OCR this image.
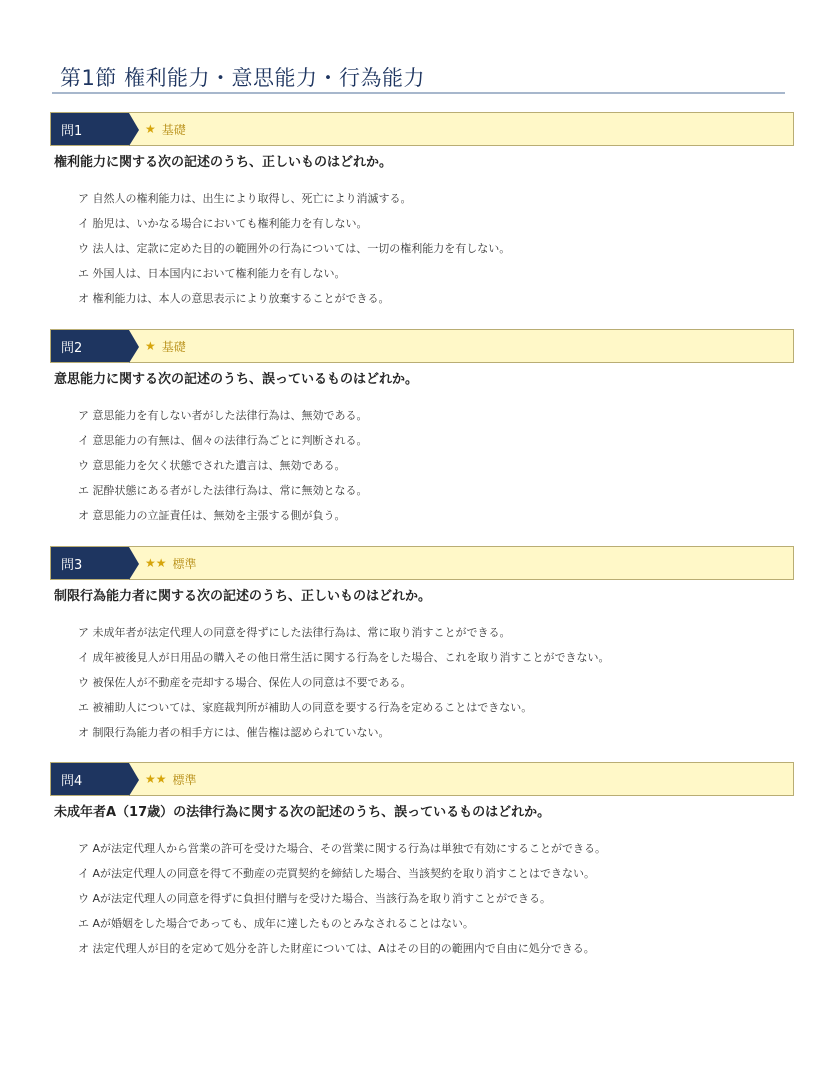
第1節 権利能力・意思能力・行為能力
問1	★ 基礎
権利能力に関する次の記述のうち、正しいものはどれか。
ア 自然人の権利能力は、出生により取得し、死亡により消滅する。
イ 胎児は、いかなる場合においても権利能力を有しない。
ウ 法人は、定款に定めた目的の範囲外の行為については、一切の権利能力を有しない。
エ 外国人は、日本国内において権利能力を有しない。
オ 権利能力は、本人の意思表示により放棄することができる。
問2	★ 基礎
意思能力に関する次の記述のうち、誤っているものはどれか。
ア 意思能力を有しない者がした法律行為は、無効である。
イ 意思能力の有無は、個々の法律行為ごとに判断される。
ウ 意思能力を欠く状態でされた遺言は、無効である。
エ 泥酔状態にある者がした法律行為は、常に無効となる。
オ 意思能力の立証責任は、無効を主張する側が負う。
問3	★★ 標準
制限行為能力者に関する次の記述のうち、正しいものはどれか。
ア 未成年者が法定代理人の同意を得ずにした法律行為は、常に取り消すことができる。
イ 成年被後見人が日用品の購入その他日常生活に関する行為をした場合、これを取り消すことができない。
ウ 被保佐人が不動産を売却する場合、保佐人の同意は不要である。
エ 被補助人については、家庭裁判所が補助人の同意を要する行為を定めることはできない。
オ 制限行為能力者の相手方には、催告権は認められていない。
問4	★★ 標準
未成年者A（17歳）の法律行為に関する次の記述のうち、誤っているものはどれか。
ア Aが法定代理人から営業の許可を受けた場合、その営業に関する行為は単独で有効にすることができる。
イ Aが法定代理人の同意を得て不動産の売買契約を締結した場合、当該契約を取り消すことはできない。
ウ Aが法定代理人の同意を得ずに負担付贈与を受けた場合、当該行為を取り消すことができる。
エ Aが婚姻をした場合であっても、成年に達したものとみなされることはない。
オ 法定代理人が目的を定めて処分を許した財産については、Aはその目的の範囲内で自由に処分できる。
